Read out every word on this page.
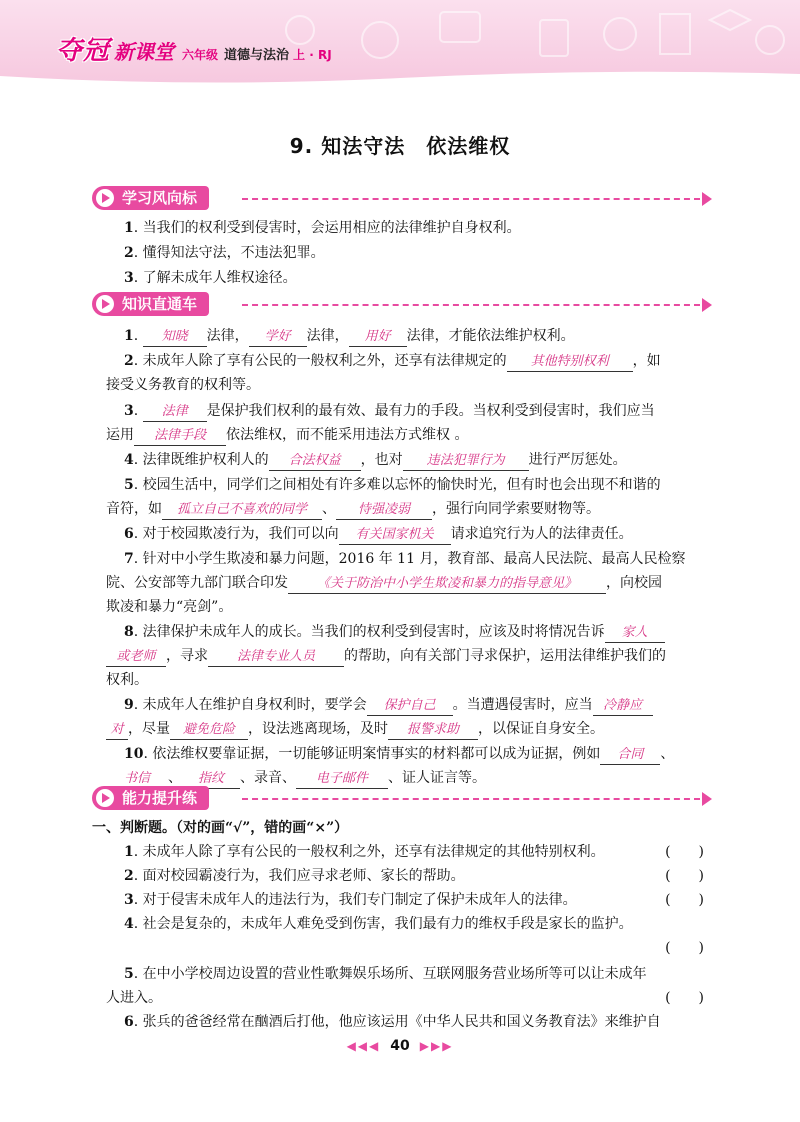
夺冠 新课堂 六年级 道德与法治 上 · RJ
9. 知法守法　依法维权
学习风向标
1. 当我们的权利受到侵害时，会运用相应的法律维护自身权利。
2. 懂得知法守法，不违法犯罪。
3. 了解未成年人维权途径。
知识直通车
1. 知晓 法律， 学好 法律， 用好 法律，才能依法维护权利。
2. 未成年人除了享有公民的一般权利之外，还享有法律规定的 其他特别权利 ，如
接受义务教育的权利等。
3. 法律 是保护我们权利的最有效、最有力的手段。当权利受到侵害时，我们应当
运用 法律手段 依法维权，而不能采用违法方式维权 。
4. 法律既维护权利人的 合法权益 ，也对 违法犯罪行为 进行严厉惩处。
5. 校园生活中，同学们之间相处有许多难以忘怀的愉快时光，但有时也会出现不和谐的
音符，如 孤立自己不喜欢的同学 、 恃强凌弱 ，强行向同学索要财物等。
6. 对于校园欺凌行为，我们可以向 有关国家机关 请求追究行为人的法律责任。
7. 针对中小学生欺凌和暴力问题，2016 年 11 月，教育部、最高人民法院、最高人民检察
院、公安部等九部门联合印发 《关于防治中小学生欺凌和暴力的指导意见》 ，向校园
欺凌和暴力“亮剑”。
8. 法律保护未成年人的成长。当我们的权利受到侵害时，应该及时将情况告诉 家人
或老师 ，寻求 法律专业人员 的帮助，向有关部门寻求保护，运用法律维护我们的
权利。
9. 未成年人在维护自身权利时，要学会 保护自己 。当遭遇侵害时，应当 冷静应
对 ，尽量 避免危险 ，设法逃离现场，及时 报警求助 ，以保证自身安全。
10. 依法维权要靠证据，一切能够证明案情事实的材料都可以成为证据，例如 合同 、
书信 、 指纹 、录音、 电子邮件 、证人证言等。
能力提升练
一、判断题。（对的画“√”，错的画“×”）
1. 未成年人除了享有公民的一般权利之外，还享有法律规定的其他特别权利。	(　　)
2. 面对校园霸凌行为，我们应寻求老师、家长的帮助。	(　　)
3. 对于侵害未成年人的违法行为，我们专门制定了保护未成年人的法律。	(　　)
4. 社会是复杂的，未成年人难免受到伤害，我们最有力的维权手段是家长的监护。
(　　)
5. 在中小学校周边设置的营业性歌舞娱乐场所、互联网服务营业场所等可以让未成年
人进入。	(　　)
6. 张兵的爸爸经常在酗酒后打他，他应该运用《中华人民共和国义务教育法》来维护自
◀◀◀ 40 ▶▶▶
